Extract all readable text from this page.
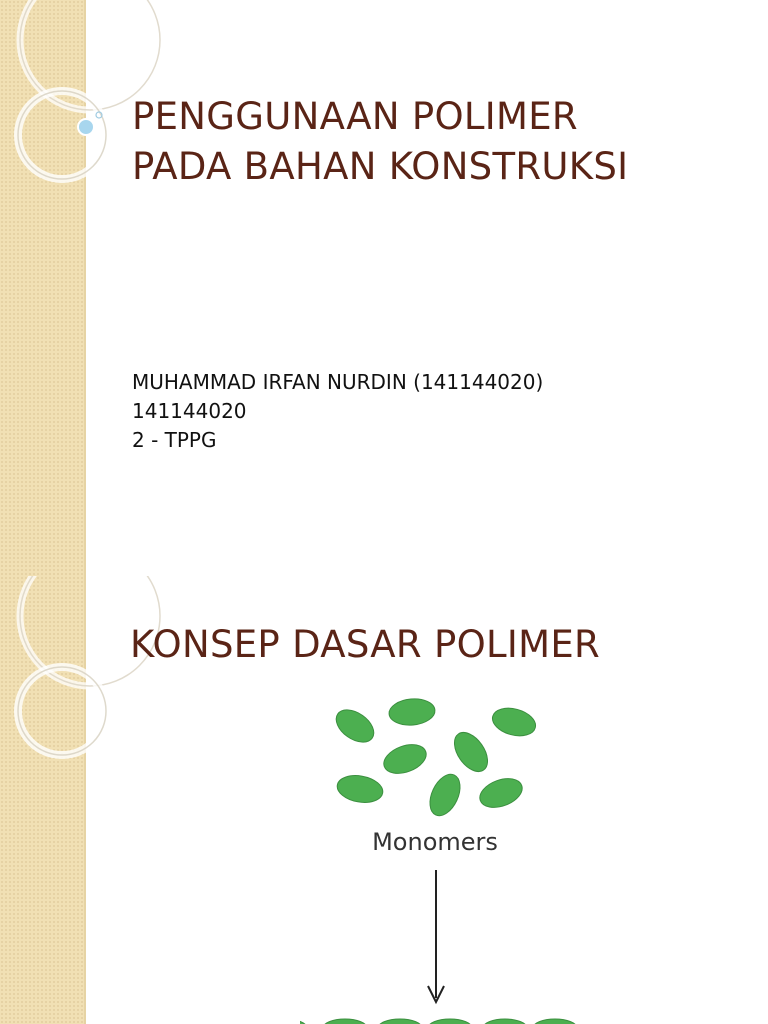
PENGGUNAAN POLIMER
PADA BAHAN KONSTRUKSI
MUHAMMAD IRFAN NURDIN (141144020)
141144020
2 - TPPG
KONSEP DASAR POLIMER
Monomers
